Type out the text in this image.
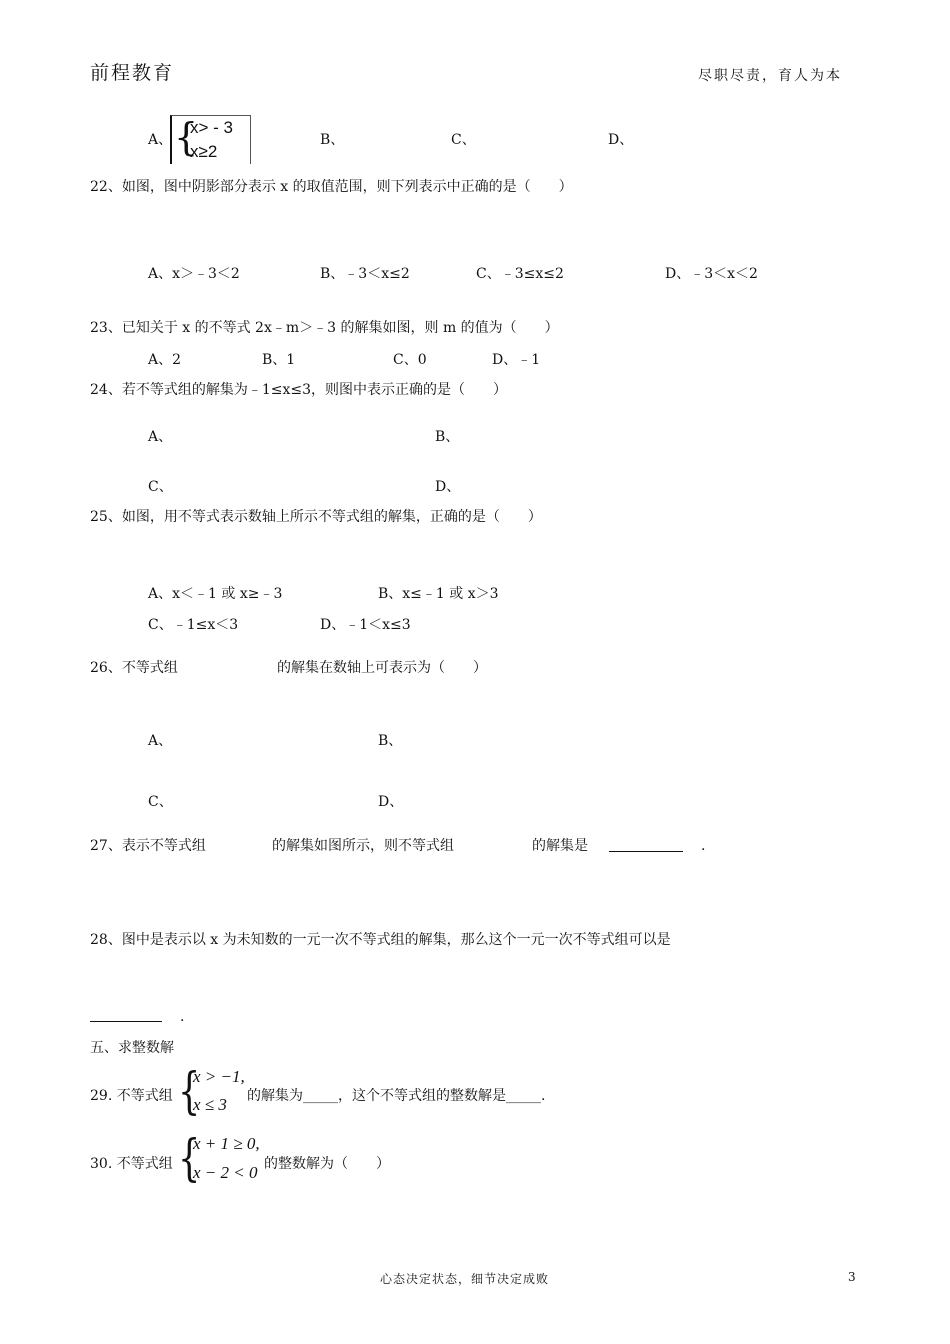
前程教育	尽职尽责，育人为本
A、 {
x> - 3
x≥2
B、	C、	D、
22、如图，图中阴影部分表示 x 的取值范围，则下列表示中正确的是（　　）
A、x＞﹣3＜2	B、﹣3＜x≤2	C、﹣3≤x≤2	D、﹣3＜x＜2
23、已知关于 x 的不等式 2x﹣m＞﹣3 的解集如图，则 m 的值为（　　）
A、2	B、1	C、0	D、﹣1
24、若不等式组的解集为﹣1≤x≤3，则图中表示正确的是（　　）
A、	B、
C、	D、
25、如图，用不等式表示数轴上所示不等式组的解集，正确的是（　　）
A、x＜﹣1 或 x≥﹣3	B、x≤﹣1 或 x＞3
C、﹣1≤x＜3	D、﹣1＜x≤3
26、不等式组	的解集在数轴上可表示为（　　）
A、	B、
C、	D、
27、表示不等式组	的解集如图所示，则不等式组	的解集是	.
28、图中是表示以 x 为未知数的一元一次不等式组的解集，那么这个一元一次不等式组可以是
.
五、求整数解
29. 不等式组 {
x > −1,
x ≤ 3 的解集为_____，这个不等式组的整数解是_____.
30. 不等式组 {
x + 1 ≥ 0,
x − 2 < 0 的整数解为（　　）
心态决定状态，细节决定成败	3
